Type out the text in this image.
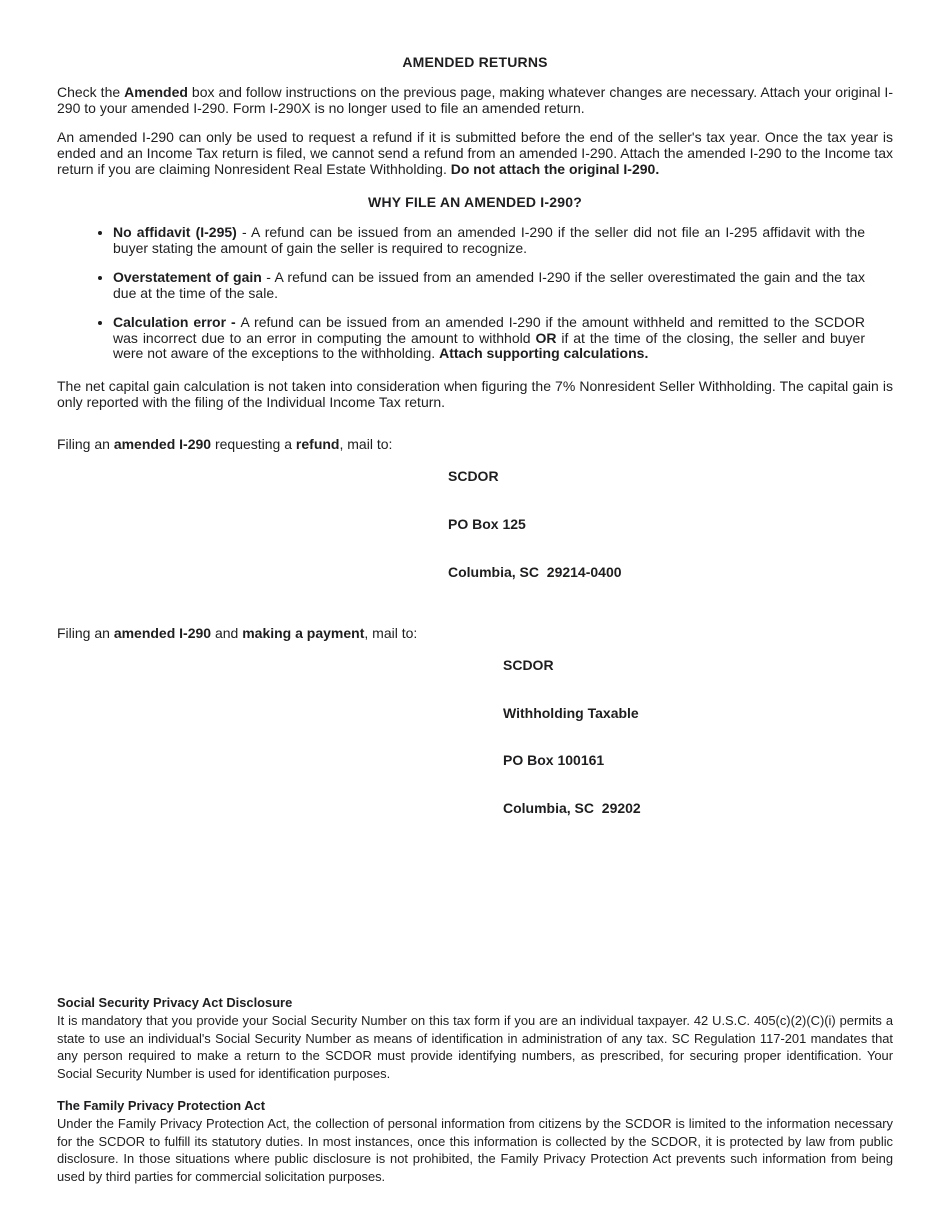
AMENDED RETURNS

Check the Amended box and follow instructions on the previous page, making whatever changes are necessary. Attach your original I-290 to your amended I-290. Form I-290X is no longer used to file an amended return.

An amended I-290 can only be used to request a refund if it is submitted before the end of the seller's tax year. Once the tax year is ended and an Income Tax return is filed, we cannot send a refund from an amended I-290. Attach the amended I-290 to the Income tax return if you are claiming Nonresident Real Estate Withholding. Do not attach the original I-290.

WHY FILE AN AMENDED I-290?
• No affidavit (I-295) - A refund can be issued from an amended I-290 if the seller did not file an I-295 affidavit with the buyer stating the amount of gain the seller is required to recognize.
• Overstatement of gain - A refund can be issued from an amended I-290 if the seller overestimated the gain and the tax due at the time of the sale.
• Calculation error - A refund can be issued from an amended I-290 if the amount withheld and remitted to the SCDOR was incorrect due to an error in computing the amount to withhold OR if at the time of the closing, the seller and buyer were not aware of the exceptions to the withholding. Attach supporting calculations.

The net capital gain calculation is not taken into consideration when figuring the 7% Nonresident Seller Withholding. The capital gain is only reported with the filing of the Individual Income Tax return.

Filing an amended I-290 requesting a refund, mail to:

SCDOR

PO Box 125

Columbia, SC  29214-0400

Filing an amended I-290 and making a payment, mail to:

SCDOR

Withholding Taxable

PO Box 100161

Columbia, SC  29202

Social Security Privacy Act Disclosure

It is mandatory that you provide your Social Security Number on this tax form if you are an individual taxpayer. 42 U.S.C. 405(c)(2)(C)(i) permits a state to use an individual's Social Security Number as means of identification in administration of any tax. SC Regulation 117-201 mandates that any person required to make a return to the SCDOR must provide identifying numbers, as prescribed, for securing proper identification. Your Social Security Number is used for identification purposes.

The Family Privacy Protection Act

Under the Family Privacy Protection Act, the collection of personal information from citizens by the SCDOR is limited to the information necessary for the SCDOR to fulfill its statutory duties. In most instances, once this information is collected by the SCDOR, it is protected by law from public disclosure. In those situations where public disclosure is not prohibited, the Family Privacy Protection Act prevents such information from being used by third parties for commercial solicitation purposes.
